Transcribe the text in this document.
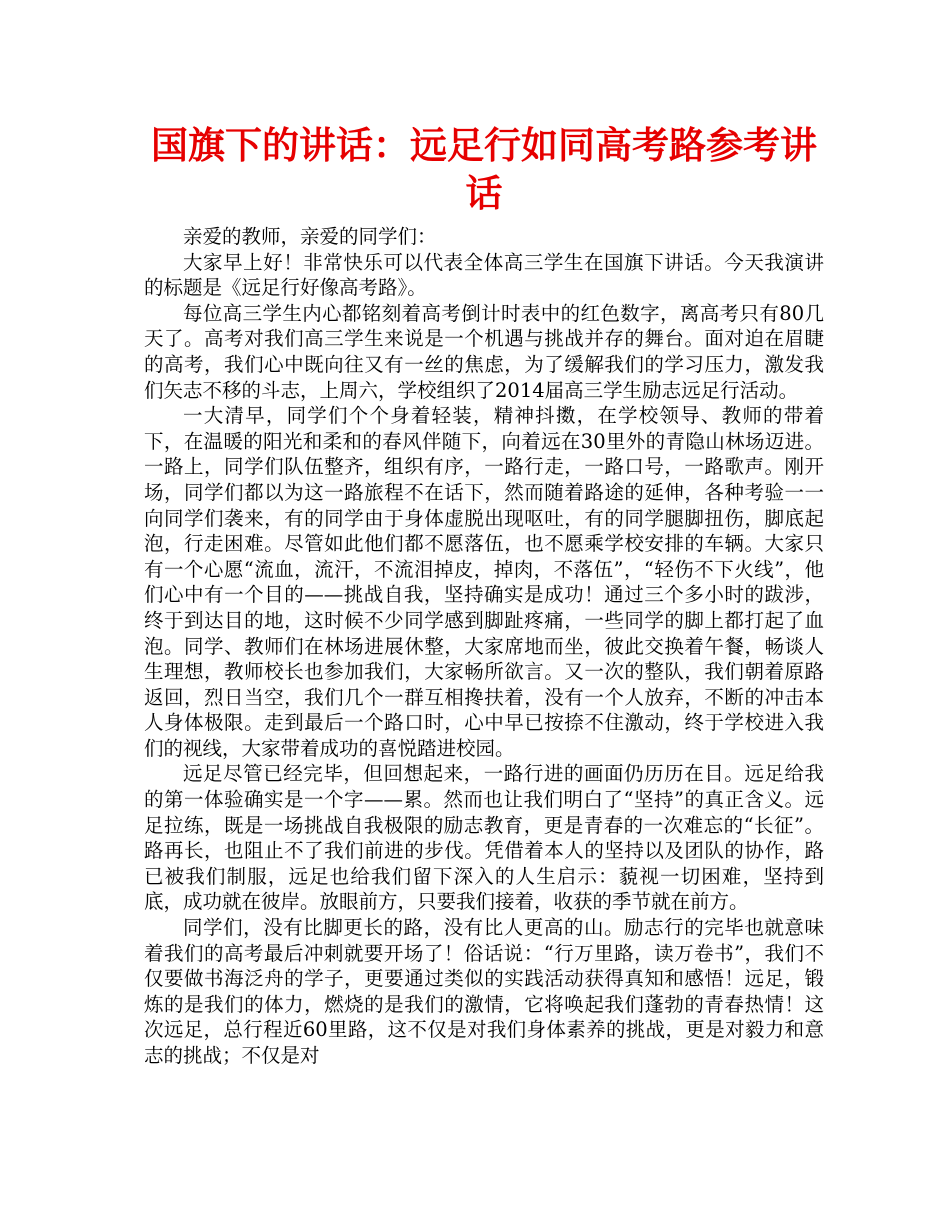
国旗下的讲话：远足行如同高考路参考讲话

亲爱的教师，亲爱的同学们：

大家早上好！非常快乐可以代表全体高三学生在国旗下讲话。今天我演讲的标题是《远足行好像高考路》。

每位高三学生内心都铭刻着高考倒计时表中的红色数字，离高考只有80几天了。高考对我们高三学生来说是一个机遇与挑战并存的舞台。面对迫在眉睫的高考，我们心中既向往又有一丝的焦虑，为了缓解我们的学习压力，激发我们矢志不移的斗志，上周六，学校组织了2014届高三学生励志远足行活动。

一大清早，同学们个个身着轻装，精神抖擞，在学校领导、教师的带着下，在温暖的阳光和柔和的春风伴随下，向着远在30里外的青隐山林场迈进。一路上，同学们队伍整齐，组织有序，一路行走，一路口号，一路歌声。刚开场，同学们都以为这一路旅程不在话下，然而随着路途的延伸，各种考验一一向同学们袭来，有的同学由于身体虚脱出现呕吐，有的同学腿脚扭伤，脚底起泡，行走困难。尽管如此他们都不愿落伍，也不愿乘学校安排的车辆。大家只有一个心愿“流血，流汗，不流泪掉皮，掉肉，不落伍”，“轻伤不下火线”，他们心中有一个目的——挑战自我，坚持确实是成功！通过三个多小时的跋涉，终于到达目的地，这时候不少同学感到脚趾疼痛，一些同学的脚上都打起了血泡。同学、教师们在林场进展休整，大家席地而坐，彼此交换着午餐，畅谈人生理想，教师校长也参加我们，大家畅所欲言。又一次的整队，我们朝着原路返回，烈日当空，我们几个一群互相搀扶着，没有一个人放弃，不断的冲击本人身体极限。走到最后一个路口时，心中早已按捺不住激动，终于学校进入我们的视线，大家带着成功的喜悦踏进校园。

远足尽管已经完毕，但回想起来，一路行进的画面仍历历在目。远足给我的第一体验确实是一个字——累。然而也让我们明白了“坚持”的真正含义。远足拉练，既是一场挑战自我极限的励志教育，更是青春的一次难忘的“长征”。路再长，也阻止不了我们前进的步伐。凭借着本人的坚持以及团队的协作，路已被我们制服，远足也给我们留下深入的人生启示：藐视一切困难，坚持到底，成功就在彼岸。放眼前方，只要我们接着，收获的季节就在前方。

同学们，没有比脚更长的路，没有比人更高的山。励志行的完毕也就意味着我们的高考最后冲刺就要开场了！俗话说：“行万里路，读万卷书”，我们不仅要做书海泛舟的学子，更要通过类似的实践活动获得真知和感悟！远足，锻炼的是我们的体力，燃烧的是我们的激情，它将唤起我们蓬勃的青春热情！这次远足，总行程近60里路，这不仅是对我们身体素养的挑战，更是对毅力和意志的挑战；不仅是对
